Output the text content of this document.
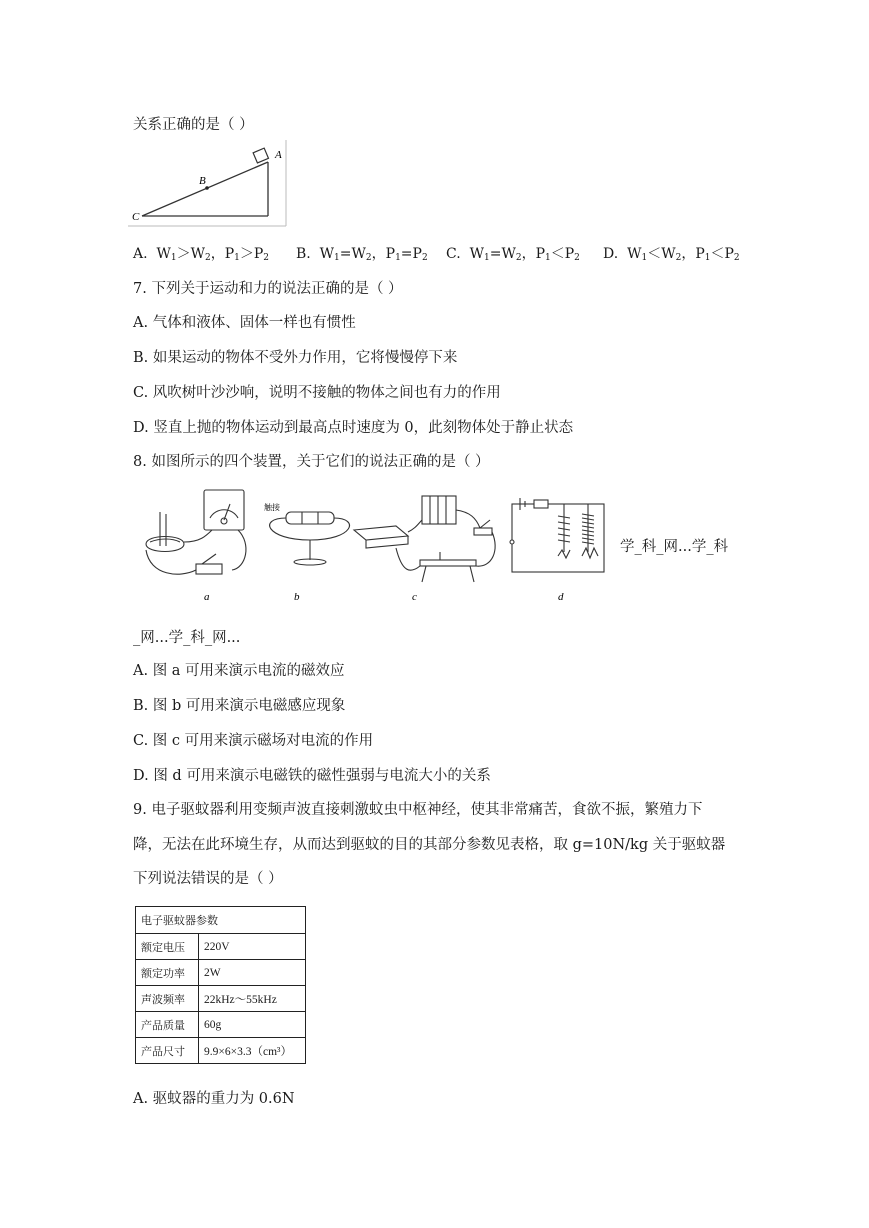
关系正确的是（ ）
A
B
C
A. $W_1>W_2$，$P_1>P_2$ B. $W_1=W_2$，$P_1=P_2$ C. $W_1=W_2$，$P_1<P_2$ D. $W_1<W_2$，$P_1<P_2$
7. 下列关于运动和力的说法正确的是（ ）
A. 气体和液体、固体一样也有惯性
B. 如果运动的物体不受外力作用，它将慢慢停下来
C. 风吹树叶沙沙响，说明不接触的物体之间也有力的作用
D. 竖直上抛的物体运动到最高点时速度为 0，此刻物体处于静止状态
8. 如图所示的四个装置，关于它们的说法正确的是（ ）
a	b	c	d
触接
学_科_网...学_科
_网...学_科_网...
A. 图 a 可用来演示电流的磁效应
B. 图 b 可用来演示电磁感应现象
C. 图 c 可用来演示磁场对电流的作用
D. 图 d 可用来演示电磁铁的磁性强弱与电流大小的关系
9. 电子驱蚊器利用变频声波直接刺激蚊虫中枢神经，使其非常痛苦，食欲不振，繁殖力下
降，无法在此环境生存，从而达到驱蚊的目的其部分参数见表格，取 g=10N/kg 关于驱蚊器
下列说法错误的是（ ）
电子驱蚊器参数	
额定电压	220V
额定功率	2W
声波频率	22kHz～55kHz
产品质量	60g
产品尺寸	9.9×6×3.3（cm³）
A. 驱蚊器的重力为 0.6N
